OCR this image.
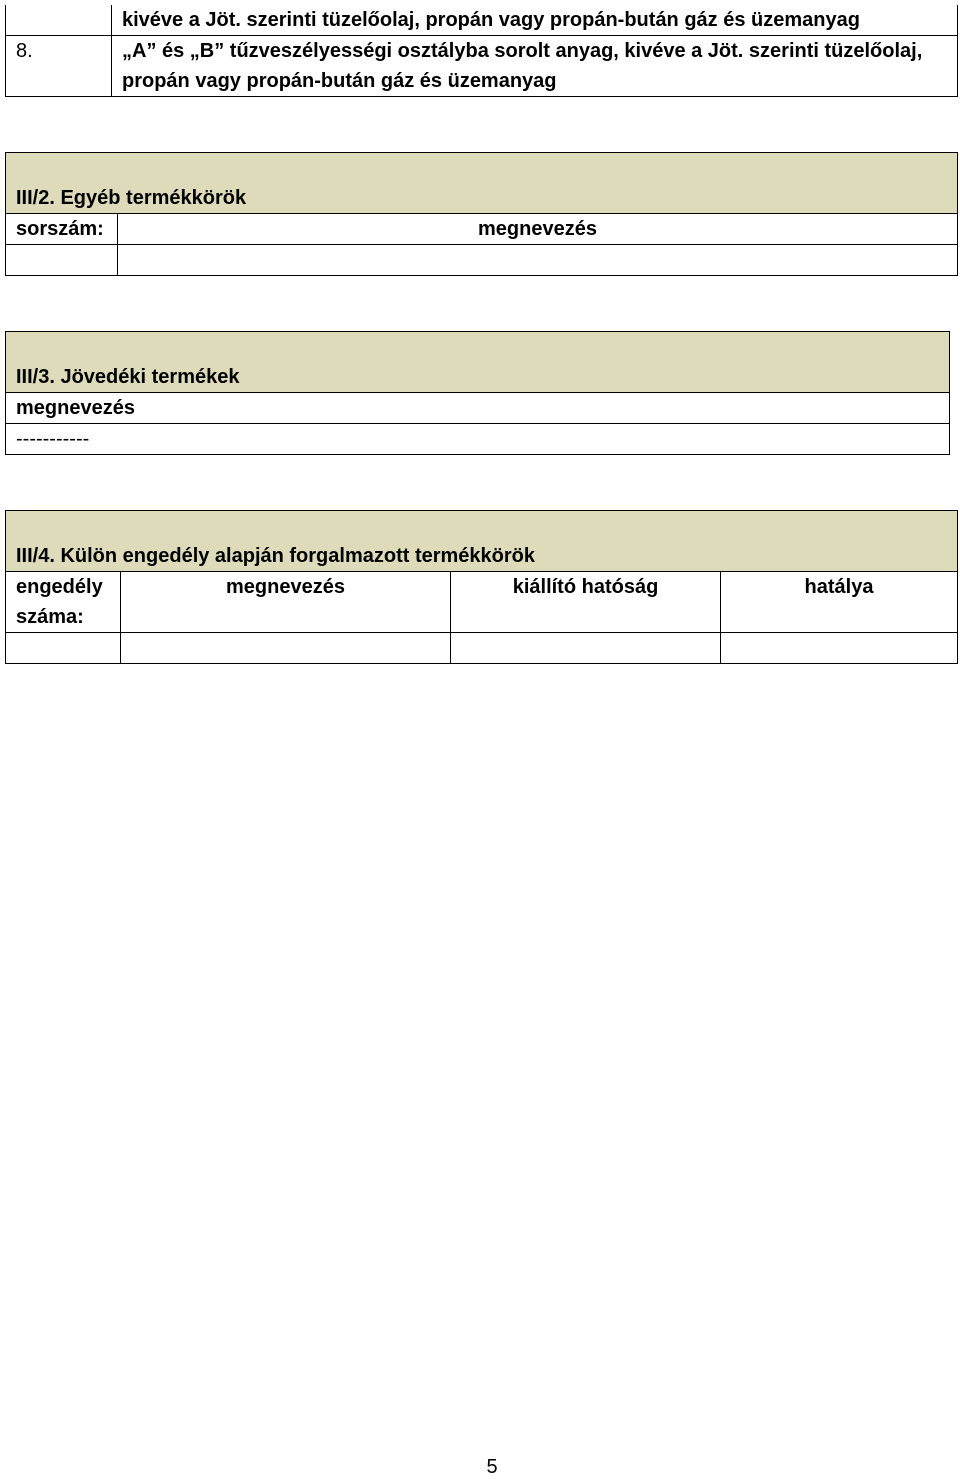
	kivéve a Jöt. szerinti tüzelőolaj, propán vagy propán-bután gáz és üzemanyag
8.	„A” és „B” tűzveszélyességi osztályba sorolt anyag, kivéve a Jöt. szerinti tüzelőolaj, propán vagy propán-bután gáz és üzemanyag
III/2. Egyéb termékkörök	
sorszám:	megnevezés

III/3. Jövedéki termékek
megnevezés
-----------
III/4. Külön engedély alapján forgalmazott termékkörök			
engedély száma:	megnevezés	kiállító hatóság	hatálya

5
